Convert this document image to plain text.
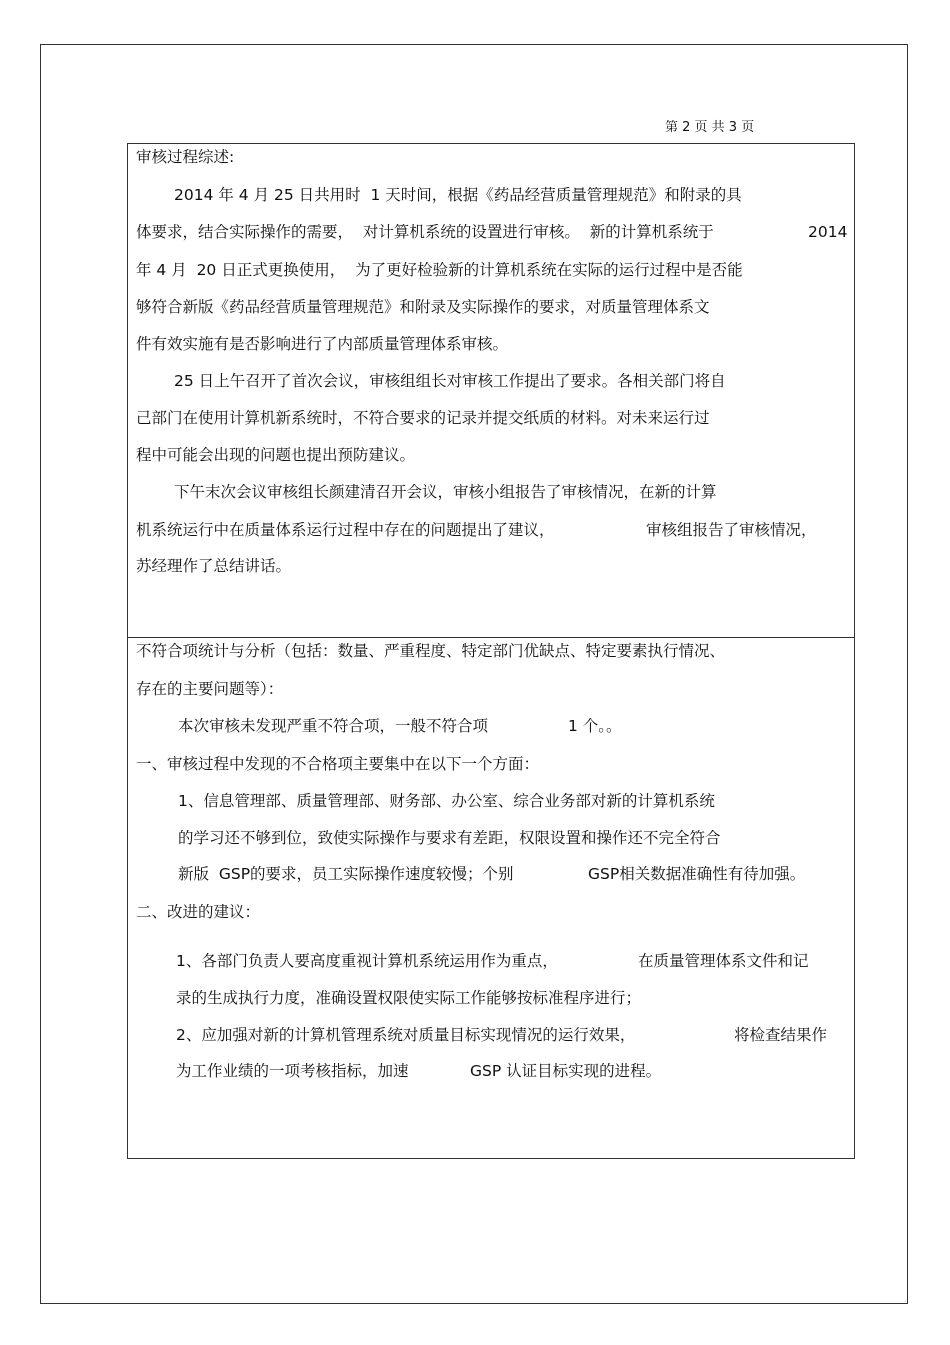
第 2 页 共 3 页
审核过程综述:
2014 年 4 月 25 日共用时  1 天时间，根据《药品经营质量管理规范》和附录的具
体要求，结合实际操作的需要，  对计算机系统的设置进行审核。  新的计算机系统于	2014
年 4 月  20 日正式更换使用，  为了更好检验新的计算机系统在实际的运行过程中是否能
够符合新版《药品经营质量管理规范》和附录及实际操作的要求，对质量管理体系文
件有效实施有是否影响进行了内部质量管理体系审核。
25 日上午召开了首次会议，审核组组长对审核工作提出了要求。各相关部门将自
己部门在使用计算机新系统时，不符合要求的记录并提交纸质的材料。对未来运行过
程中可能会出现的问题也提出预防建议。
下午末次会议审核组长颜建清召开会议，审核小组报告了审核情况，在新的计算
机系统运行中在质量体系运行过程中存在的问题提出了建议，	审核组报告了审核情况，
苏经理作了总结讲话。
不符合项统计与分析（包括：数量、严重程度、特定部门优缺点、特定要素执行情况、
存在的主要问题等）：
本次审核未发现严重不符合项，一般不符合项	1 个。。
一、审核过程中发现的不合格项主要集中在以下一个方面：
1、信息管理部、质量管理部、财务部、办公室、综合业务部对新的计算机系统
的学习还不够到位，致使实际操作与要求有差距，权限设置和操作还不完全符合
新版  GSP的要求，员工实际操作速度较慢；个别	GSP相关数据准确性有待加强。
二、改进的建议：
1、各部门负责人要高度重视计算机系统运用作为重点，	在质量管理体系文件和记
录的生成执行力度，准确设置权限使实际工作能够按标准程序进行；
2、应加强对新的计算机管理系统对质量目标实现情况的运行效果，	将检查结果作
为工作业绩的一项考核指标，加速	GSP 认证目标实现的进程。
